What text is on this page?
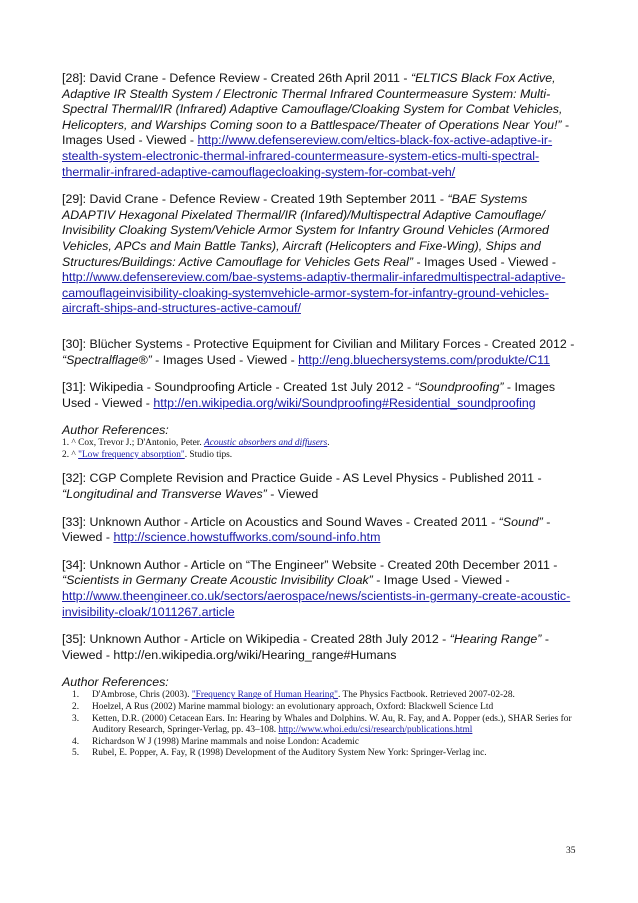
[28]: David Crane - Defence Review - Created 26th April 2011 - “ELTICS Black Fox Active, Adaptive IR Stealth System / Electronic Thermal Infrared Countermeasure System: Multi-Spectral Thermal/IR (Infrared) Adaptive Camouflage/Cloaking System for Combat Vehicles, Helicopters, and Warships Coming soon to a Battlespace/Theater of Operations Near You!” - Images Used - Viewed - http://www.defensereview.com/eltics-black-fox-active-adaptive-ir-stealth-system-electronic-thermal-infrared-countermeasure-system-etics-multi-spectral-thermalir-infrared-adaptive-camouflagecloaking-system-for-combat-veh/

[29]: David Crane - Defence Review - Created 19th September 2011 - “BAE Systems ADAPTIV Hexagonal Pixelated Thermal/IR (Infared)/Multispectral Adaptive Camouflage/ Invisibility Cloaking System/Vehicle Armor System for Infantry Ground Vehicles (Armored Vehicles, APCs and Main Battle Tanks), Aircraft (Helicopters and Fixe-Wing), Ships and Structures/Buildings: Active Camouflage for Vehicles Gets Real” - Images Used - Viewed - http://www.defensereview.com/bae-systems-adaptiv-thermalir-infaredmultispectral-adaptive-camouflageinvisibility-cloaking-systemvehicle-armor-system-for-infantry-ground-vehicles-aircraft-ships-and-structures-active-camouf/

[30]: Blücher Systems - Protective Equipment for Civilian and Military Forces - Created 2012 - “Spectralflage®” - Images Used - Viewed - http://eng.bluechersystems.com/produkte/C11

[31]: Wikipedia - Soundproofing Article - Created 1st July 2012 - “Soundproofing” - Images Used - Viewed - http://en.wikipedia.org/wiki/Soundproofing#Residential_soundproofing

Author References:

1. ^ Cox, Trevor J.; D'Antonio, Peter. Acoustic absorbers and diffusers.

2. ^ "Low frequency absorption". Studio tips.

[32]: CGP Complete Revision and Practice Guide - AS Level Physics - Published 2011 - “Longitudinal and Transverse Waves” - Viewed

[33]: Unknown Author - Article on Acoustics and Sound Waves - Created 2011 - “Sound” - Viewed - http://science.howstuffworks.com/sound-info.htm

[34]: Unknown Author - Article on “The Engineer” Website - Created 20th December 2011 - “Scientists in Germany Create Acoustic Invisibility Cloak” - Image Used - Viewed - http://www.theengineer.co.uk/sectors/aerospace/news/scientists-in-germany-create-acoustic-invisibility-cloak/1011267.article

[35]: Unknown Author - Article on Wikipedia - Created 28th July 2012 - “Hearing Range” - Viewed - http://en.wikipedia.org/wiki/Hearing_range#Humans

Author References:

1. D'Ambrose, Chris (2003). "Frequency Range of Human Hearing". The Physics Factbook. Retrieved 2007-02-28.
2. Hoelzel, A Rus (2002) Marine mammal biology: an evolutionary approach, Oxford: Blackwell Science Ltd
3. Ketten, D.R. (2000) Cetacean Ears. In: Hearing by Whales and Dolphins. W. Au, R. Fay, and A. Popper (eds.), SHAR Series for Auditory Research, Springer-Verlag, pp. 43–108. http://www.whoi.edu/csi/research/publications.html
4. Richardson W J (1998) Marine mammals and noise London: Academic
5. Rubel, E. Popper, A. Fay, R (1998) Development of the Auditory System New York: Springer-Verlag inc.
35
